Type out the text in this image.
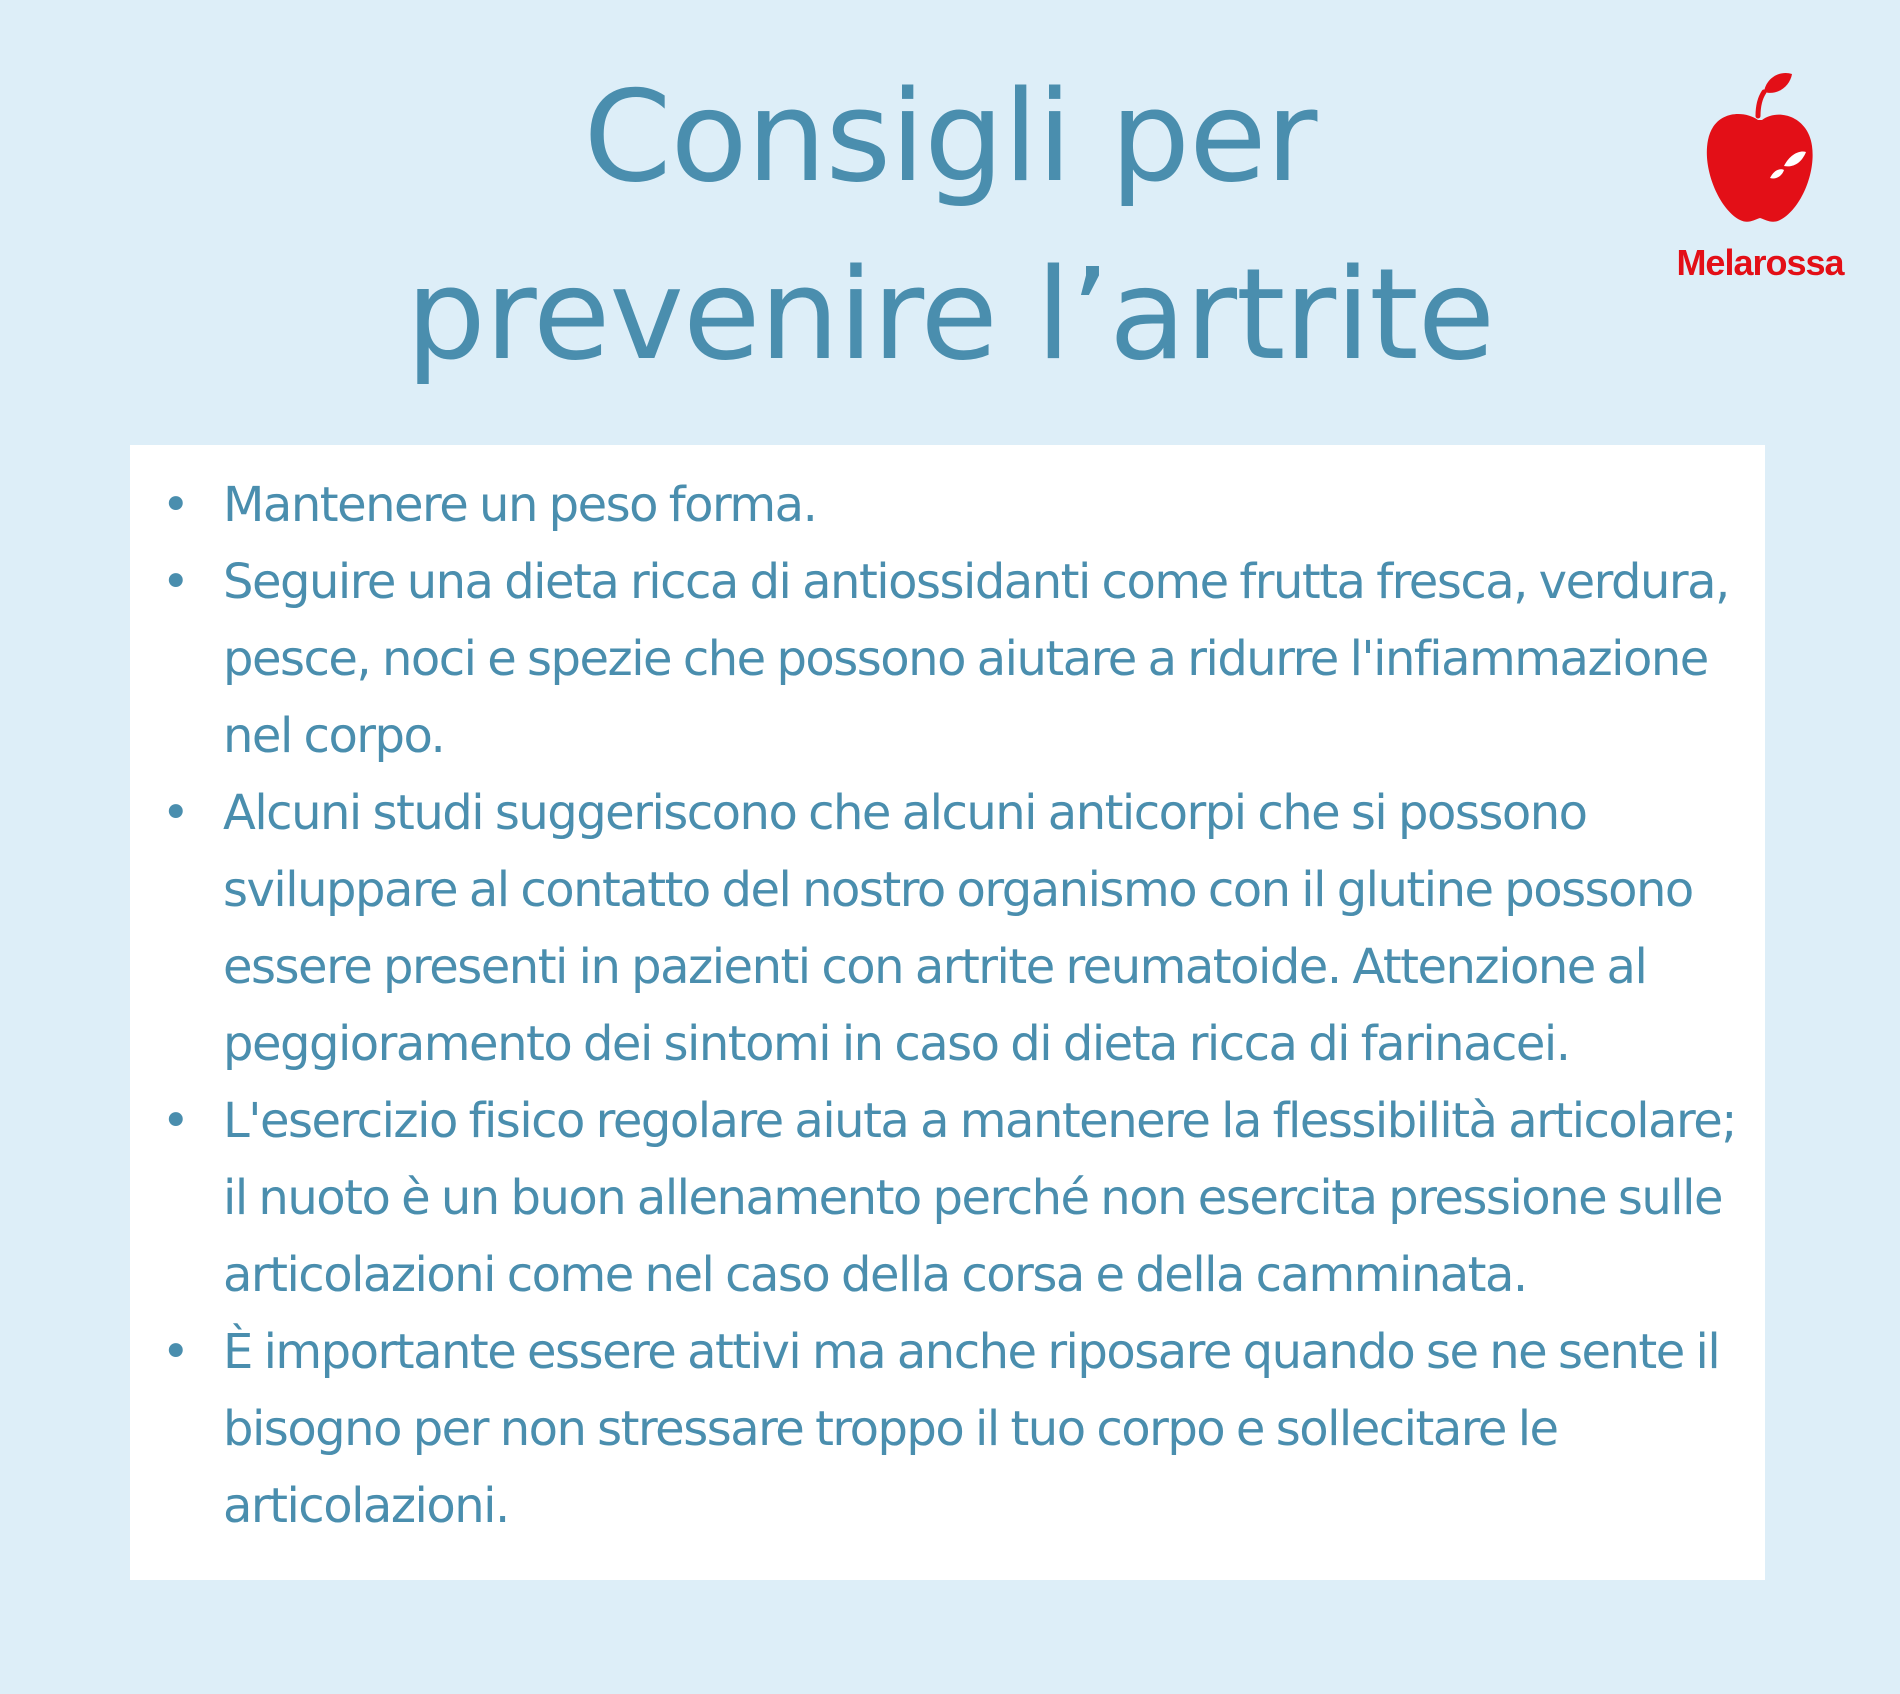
Consigli per
prevenire l’artrite	Melarossa
• Mantenere un peso forma.
• Seguire una dieta ricca di antiossidanti come frutta fresca, verdura, pesce, noci e spezie che possono aiutare a ridurre l'infiammazione nel corpo.
• Alcuni studi suggeriscono che alcuni anticorpi che si possono sviluppare al contatto del nostro organismo con il glutine possono essere presenti in pazienti con artrite reumatoide. Attenzione al peggioramento dei sintomi in caso di dieta ricca di farinacei.
• L'esercizio fisico regolare aiuta a mantenere la flessibilità articolare; il nuoto è un buon allenamento perché non esercita pressione sulle articolazioni come nel caso della corsa e della camminata.
• È importante essere attivi ma anche riposare quando se ne sente il bisogno per non stressare troppo il tuo corpo e sollecitare le articolazioni.
